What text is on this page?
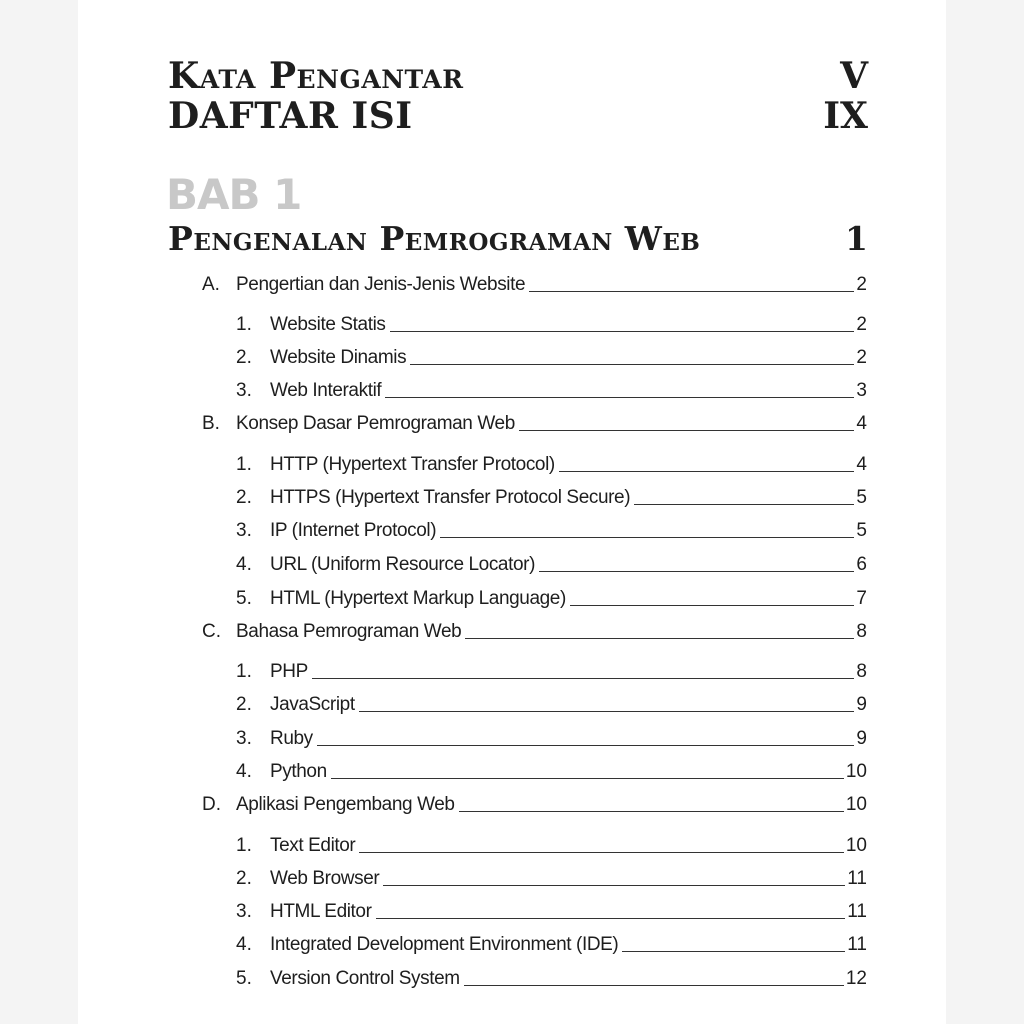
Kata Pengantar	V
DAFTAR ISI	IX
BAB 1
Pengenalan Pemrograman Web	1
A. Pengertian dan Jenis-Jenis Website	2
1. Website Statis	2
2. Website Dinamis	2
3. Web Interaktif	3
B. Konsep Dasar Pemrograman Web	4
1. HTTP (Hypertext Transfer Protocol)	4
2. HTTPS (Hypertext Transfer Protocol Secure)	5
3. IP (Internet Protocol)	5
4. URL (Uniform Resource Locator)	6
5. HTML (Hypertext Markup Language)	7
C. Bahasa Pemrograman Web	8
1. PHP	8
2. JavaScript	9
3. Ruby	9
4. Python	10
D. Aplikasi Pengembang Web	10
1. Text Editor	10
2. Web Browser	11
3. HTML Editor	11
4. Integrated Development Environment (IDE)	11
5. Version Control System	12
